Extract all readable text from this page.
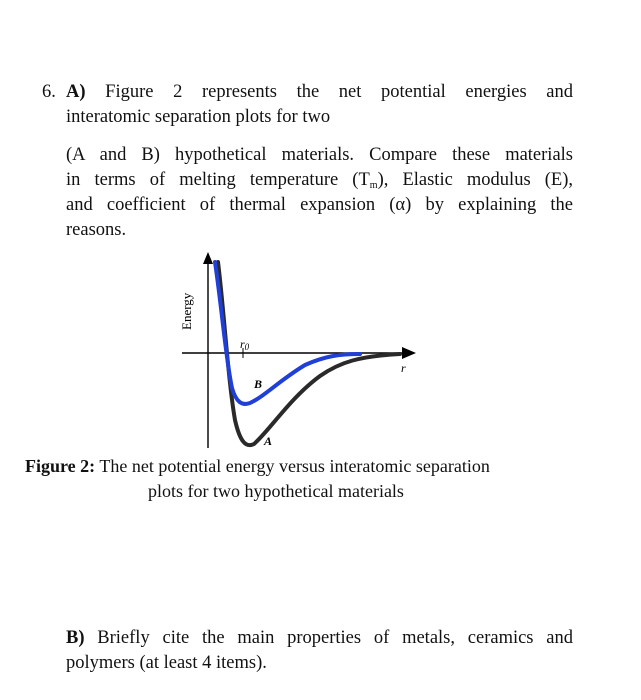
6. A) Figure 2 represents the net potential energies and
interatomic separation plots for two
(A and B) hypothetical materials. Compare these materials
in terms of melting temperature $(T_m)$, Elastic modulus (E),
and coefficient of thermal expansion (α) by explaining the
reasons.
Energy
r
r0
B
A
Figure 2: The net potential energy versus interatomic separation
plots for two hypothetical materials
B) Briefly cite the main properties of metals, ceramics and
polymers (at least 4 items).
